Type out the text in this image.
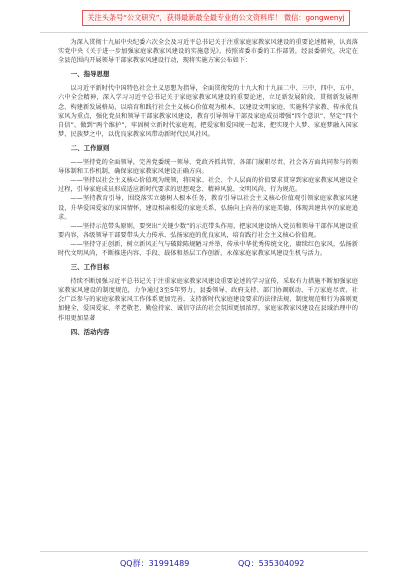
关注头条号“公文研究”，获得最新最全最专业的公文资料库！ 微信：gongwenyj

为深入贯彻十九届中央纪委六次全会及习近平总书记关于注重家庭家教家风建设的重要论述精神，认真落实党中央《关于进一步加强家庭家教家风建设的实施意见》，按照省委市委的工作部署，经县委研究，决定在全县范围内开展领导干部家教家风建设行动，现将实施方案公布如下：

一、指导思想

以习近平新时代中国特色社会主义思想为指导，全面贯彻党的十九大和十九届二中、三中、四中、五中、六中全会精神，深入学习习近平总书记关于家庭家教家风建设的重要论述，立足新发展阶段、贯彻新发展理念、构建新发展格局，以培育和践行社会主义核心价值观为根本，以建设文明家庭、实施科学家教、传承优良家风为重点，强化党员和领导干部家教家风建设，教育引导领导干部及家庭成员增强“四个意识”、坚定“四个自信”、做到“两个维护”，牢固树立新时代家庭观，把爱家和爱国统一起来，把实现个人梦、家庭梦融入国家梦、民族梦之中，以优良家教家风带动新时代民风社风。

二、工作原则

——坚持党的全面领导，完善党委统一领导、党政齐抓共管、各部门履职尽责、社会各方面共同参与的领导体制和工作机制，确保家庭家教家风建设正确方向。

——坚持以社会主义核心价值观为统领，将国家、社会、个人层面的价值要求贯穿到家庭家教家风建设全过程，引导家庭成员形成适应新时代要求的思想观念、精神风貌、文明风尚、行为规范。

——坚持教育引导，围绕落实立德树人根本任务，教育引导以社会主义核心价值观引领家庭家教家风建设，升华爱国爱家的家国情怀，建设相亲相爱的家庭关系，弘扬向上向善的家庭美德，体现共建共享的家庭追求。

——坚持示范带头原则，要突出“关键少数”的示范带头作用，把家风建设纳入党员和领导干部作风建设重要内容，各级领导干部要带头大力传承、弘扬家庭的优良家风，培育践行社会主义核心价值观。

——坚持守正创新，树立新风正气与破除陈规陋习并举，传承中华优秀传统文化，赓续红色家风，弘扬新时代文明风尚，不断推进内容、手段、载体和基层工作创新，永葆家庭家教家风建设生机与活力。

三、工作目标

持续不断加强习近平总书记关于注重家庭家教家风建设重要论述的学习宣传，采取有力措施不断加强家庭家教家风建设的制度规范，力争通过3至5年努力，县委领导、政府支持、部门协调联动、千万家庭尽责、社会广泛参与的家庭家教家风工作体系更加完善，支持新时代家庭建设要求的法律法规、制度规范和行为准则更加健全，爱国爱家、孝老敬老、勤俭持家、诚信守法的社会氛围更加浓厚，家庭家教家风建设在县域治理中的作用更加显著

四、活动内容

QQ群：31991489	QQ：535304092
